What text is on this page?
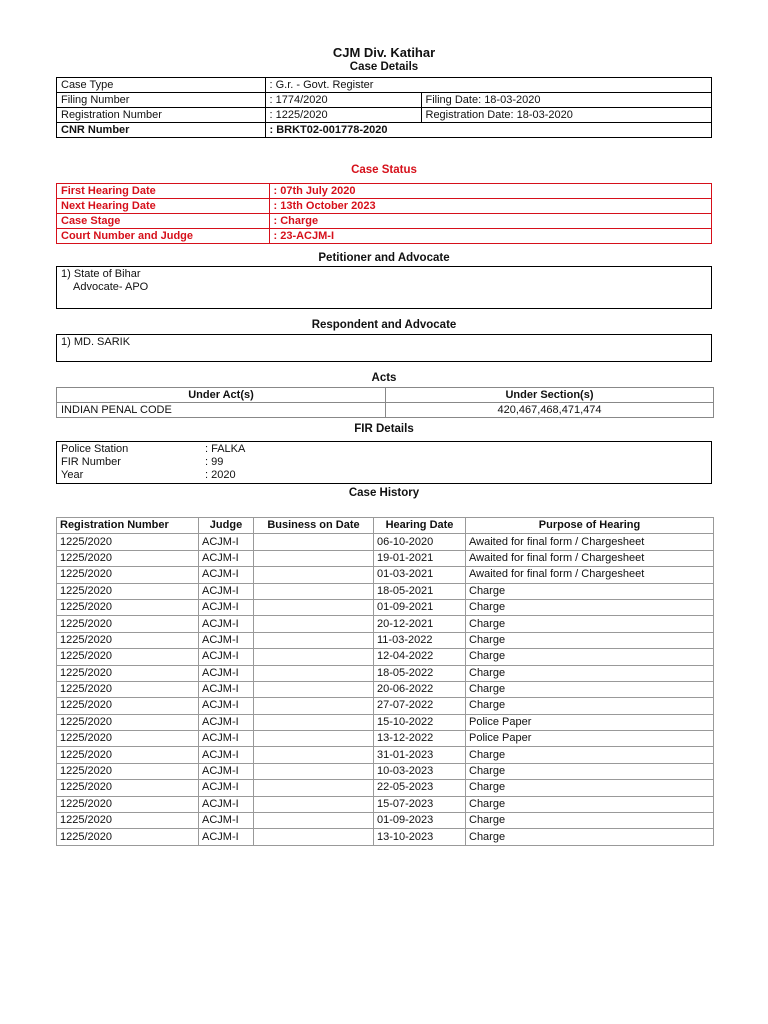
CJM Div. Katihar
Case Details
Case Type	: G.r. - Govt. Register	
Filing Number	: 1774/2020	Filing Date: 18-03-2020
Registration Number	: 1225/2020	Registration Date: 18-03-2020
CNR Number	: BRKT02-001778-2020	
Case Status
First Hearing Date	: 07th July 2020
Next Hearing Date	: 13th October 2023
Case Stage	: Charge
Court Number and Judge	: 23-ACJM-I
Petitioner and Advocate
1) State of Bihar
Advocate- APO
Respondent and Advocate
1) MD. SARIK
Acts
Under Act(s)	Under Section(s)
INDIAN PENAL CODE	420,467,468,471,474
FIR Details
Police Station	: FALKA
FIR Number	: 99
Year	: 2020
Case History
Registration Number	Judge	Business on Date	Hearing Date	Purpose of Hearing
1225/2020	ACJM-I		06-10-2020	Awaited for final form / Chargesheet
1225/2020	ACJM-I		19-01-2021	Awaited for final form / Chargesheet
1225/2020	ACJM-I		01-03-2021	Awaited for final form / Chargesheet
1225/2020	ACJM-I		18-05-2021	Charge
1225/2020	ACJM-I		01-09-2021	Charge
1225/2020	ACJM-I		20-12-2021	Charge
1225/2020	ACJM-I		11-03-2022	Charge
1225/2020	ACJM-I		12-04-2022	Charge
1225/2020	ACJM-I		18-05-2022	Charge
1225/2020	ACJM-I		20-06-2022	Charge
1225/2020	ACJM-I		27-07-2022	Charge
1225/2020	ACJM-I		15-10-2022	Police Paper
1225/2020	ACJM-I		13-12-2022	Police Paper
1225/2020	ACJM-I		31-01-2023	Charge
1225/2020	ACJM-I		10-03-2023	Charge
1225/2020	ACJM-I		22-05-2023	Charge
1225/2020	ACJM-I		15-07-2023	Charge
1225/2020	ACJM-I		01-09-2023	Charge
1225/2020	ACJM-I		13-10-2023	Charge
